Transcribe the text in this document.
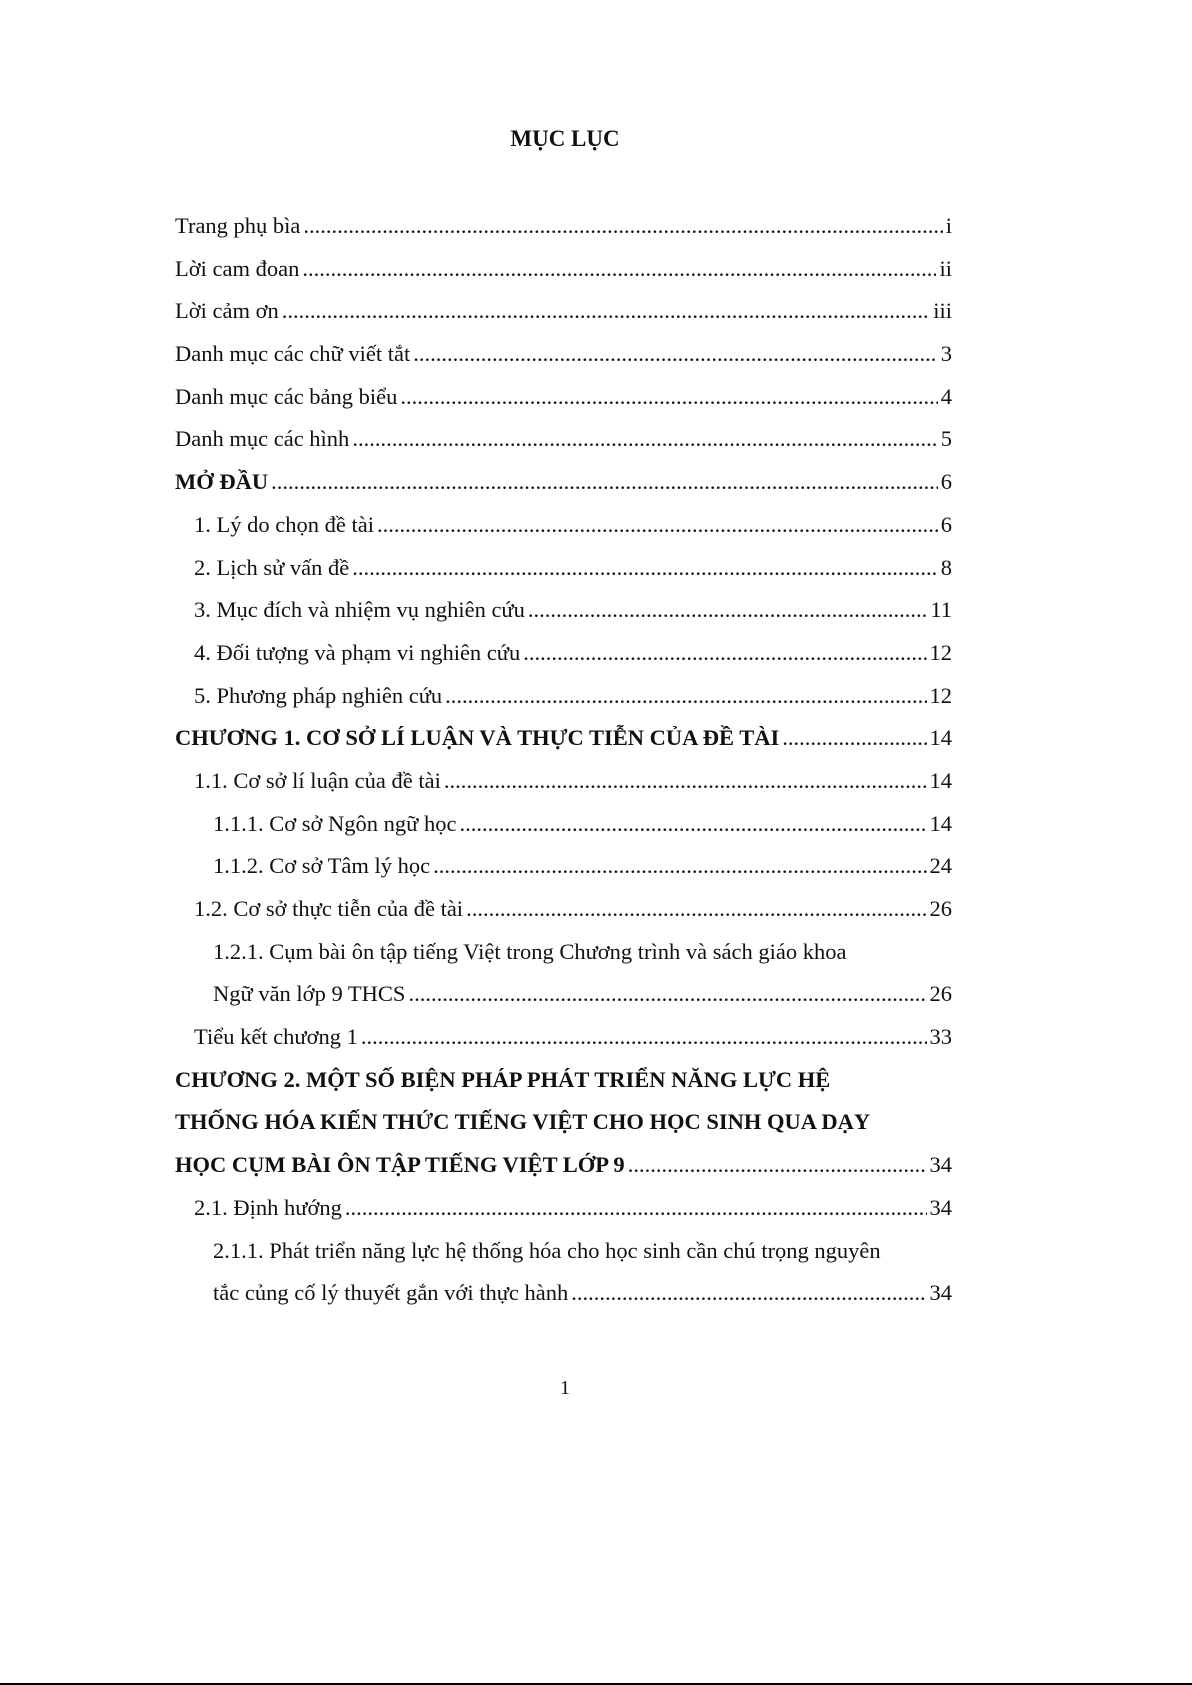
MỤC LỤC
Trang phụ bìa .....	i
Lời cam đoan .....	ii
Lời cảm ơn .....	iii
Danh mục các chữ viết tắt .....	3
Danh mục các bảng biểu .....	4
Danh mục các hình .....	5
MỞ ĐẦU .....	6
1. Lý do chọn đề tài .....	6
2. Lịch sử vấn đề .....	8
3. Mục đích và nhiệm vụ nghiên cứu .....	11
4. Đối tượng và phạm vi nghiên cứu .....	12
5. Phương pháp nghiên cứu .....	12
CHƯƠNG 1. CƠ SỞ LÍ LUẬN VÀ THỰC TIỄN CỦA ĐỀ TÀI .....	14
1.1. Cơ sở lí luận của đề tài .....	14
1.1.1. Cơ sở Ngôn ngữ học .....	14
1.1.2. Cơ sở Tâm lý học .....	24
1.2. Cơ sở thực tiễn của đề tài .....	26
1.2.1. Cụm bài ôn tập tiếng Việt trong Chương trình và sách giáo khoa
Ngữ văn lớp 9 THCS .....	26
Tiểu kết chương 1 .....	33
CHƯƠNG 2. MỘT SỐ BIỆN PHÁP PHÁT TRIỂN NĂNG LỰC HỆ
THỐNG HÓA KIẾN THỨC TIẾNG VIỆT CHO HỌC SINH QUA DẠY
HỌC CỤM BÀI ÔN TẬP TIẾNG VIỆT LỚP 9 .....	34
2.1. Định hướng .....	34
2.1.1. Phát triển năng lực hệ thống hóa cho học sinh cần chú trọng nguyên
tắc củng cố lý thuyết gắn với thực hành .....	34
1
